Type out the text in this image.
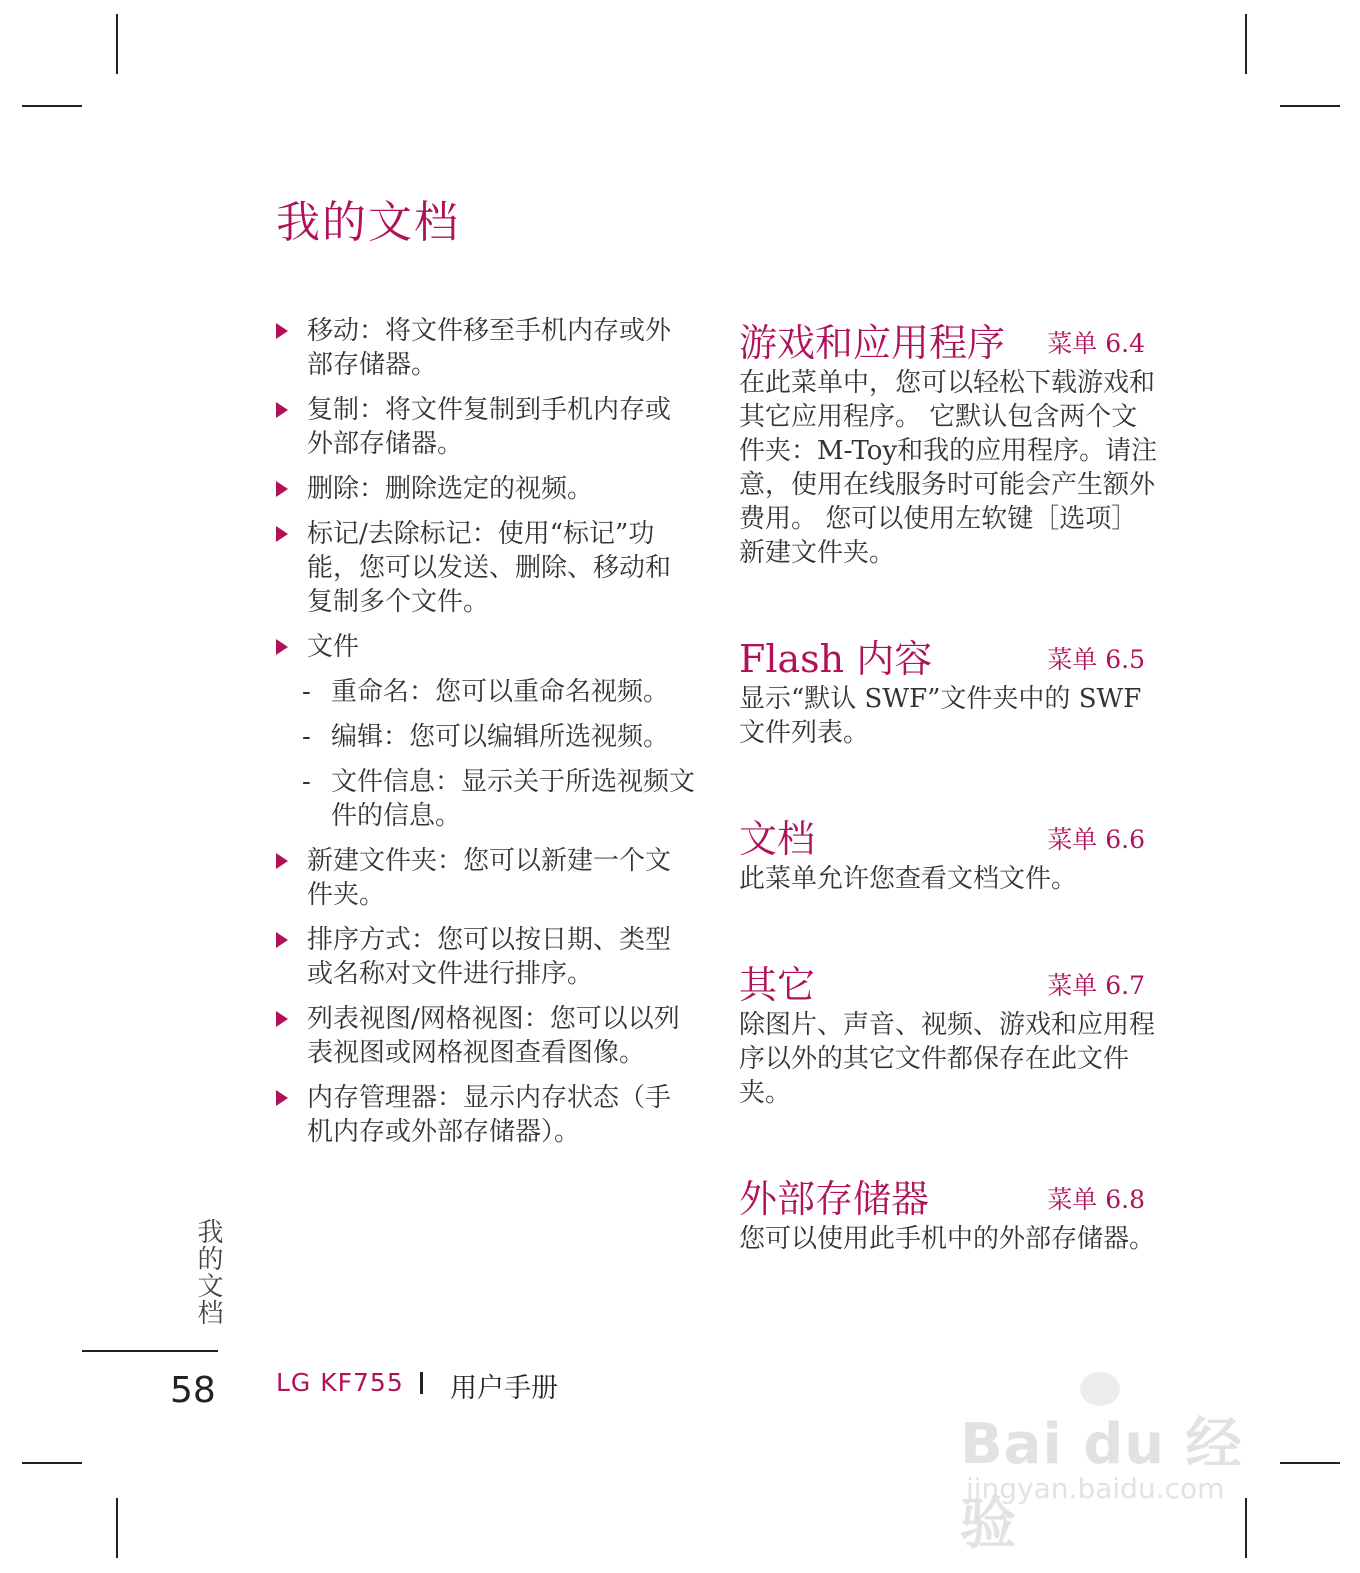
我的文档
移动：将文件移至手机内存或外部存储器。
复制：将文件复制到手机内存或外部存储器。
删除：删除选定的视频。
标记/去除标记：使用“标记”功能，您可以发送、删除、移动和复制多个文件。
文件
- 重命名：您可以重命名视频。
- 编辑：您可以编辑所选视频。
- 文件信息：显示关于所选视频文件的信息。
新建文件夹：您可以新建一个文件夹。
排序方式：您可以按日期、类型或名称对文件进行排序。
列表视图/网格视图：您可以以列表视图或网格视图查看图像。
内存管理器：显示内存状态（手机内存或外部存储器）。
游戏和应用程序 菜单 6.4
在此菜单中，您可以轻松下载游戏和其它应用程序。 它默认包含两个文件夹：M-Toy和我的应用程序。请注意，使用在线服务时可能会产生额外费用。 您可以使用左软键［选项］新建文件夹。
Flash 内容	菜单 6.5
显示“默认 SWF”文件夹中的 SWF文件列表。
文档	菜单 6.6
此菜单允许您查看文档文件。
其它	菜单 6.7
除图片、声音、视频、游戏和应用程序以外的其它文件都保存在此文件夹。
外部存储器	菜单 6.8
您可以使用此手机中的外部存储器。
我的文档
58 LG KF755 用户手册
Bai du 经验
jingyan.baidu.com
